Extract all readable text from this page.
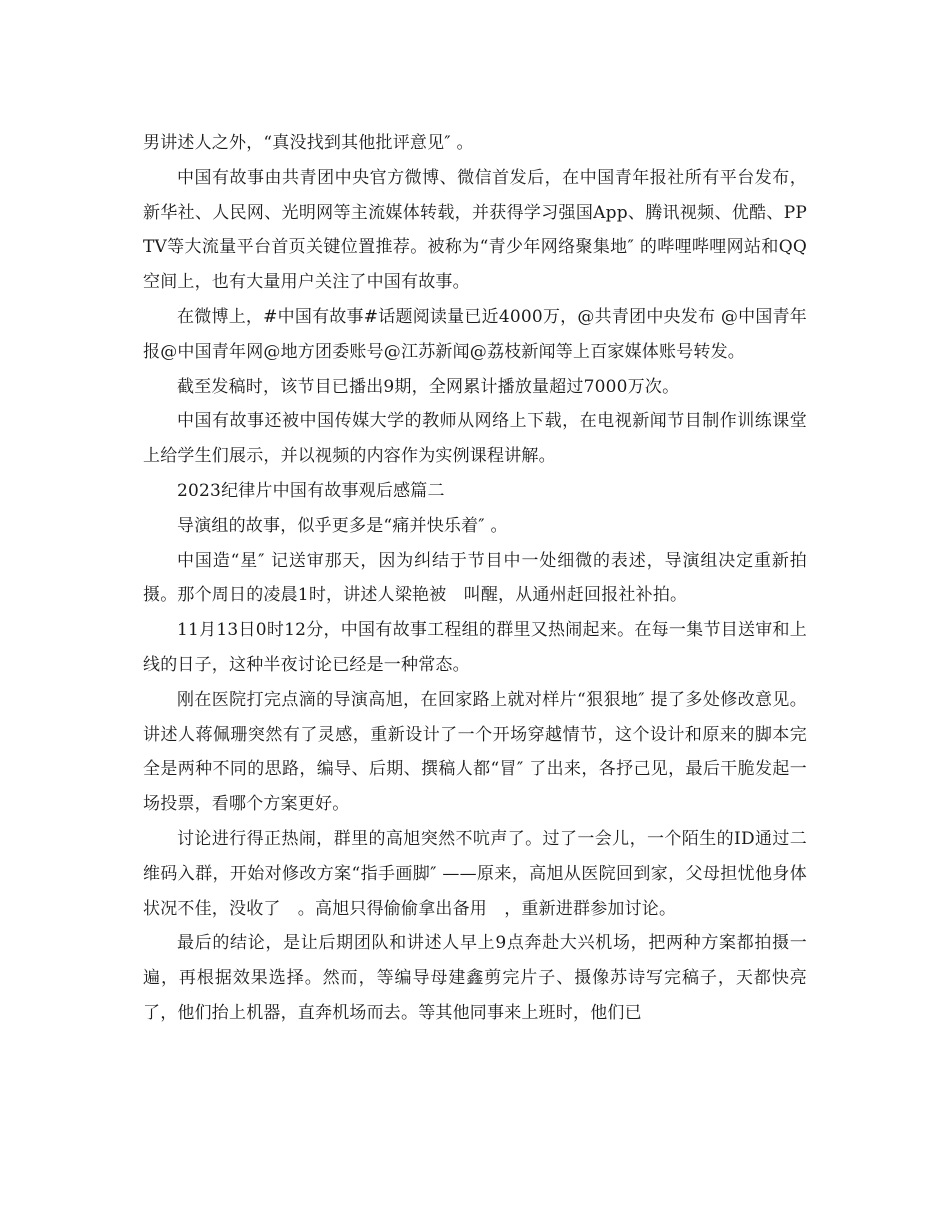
男讲述人之外，“真没找到其他批评意见″ 。

中国有故事由共青团中央官方微博、微信首发后，在中国青年报社所有平台发布，新华社、人民网、光明网等主流媒体转载，并获得学习强国App、腾讯视频、优酷、PPTV等大流量平台首页关键位置推荐。被称为“青少年网络聚集地″ 的哔哩哔哩网站和QQ空间上，也有大量用户关注了中国有故事。

在微博上，#中国有故事#话题阅读量已近4000万，@共青团中央发布 @中国青年报@中国青年网@地方团委账号@江苏新闻@荔枝新闻等上百家媒体账号转发。

截至发稿时，该节目已播出9期，全网累计播放量超过7000万次。

中国有故事还被中国传媒大学的教师从网络上下载，在电视新闻节目制作训练课堂上给学生们展示，并以视频的内容作为实例课程讲解。

2023纪律片中国有故事观后感篇二

导演组的故事，似乎更多是“痛并快乐着″ 。

中国造“星″ 记送审那天，因为纠结于节目中一处细微的表述，导演组决定重新拍摄。那个周日的凌晨1时，讲述人梁艳被　叫醒，从通州赶回报社补拍。

11月13日0时12分，中国有故事工程组的群里又热闹起来。在每一集节目送审和上线的日子，这种半夜讨论已经是一种常态。

刚在医院打完点滴的导演高旭，在回家路上就对样片“狠狠地″ 提了多处修改意见。讲述人蒋佩珊突然有了灵感，重新设计了一个开场穿越情节，这个设计和原来的脚本完全是两种不同的思路，编导、后期、撰稿人都“冒″ 了出来，各抒己见，最后干脆发起一场投票，看哪个方案更好。

讨论进行得正热闹，群里的高旭突然不吭声了。过了一会儿，一个陌生的ID通过二维码入群，开始对修改方案“指手画脚″ ——原来，高旭从医院回到家，父母担忧他身体状况不佳，没收了　。高旭只得偷偷拿出备用　，重新进群参加讨论。

最后的结论，是让后期团队和讲述人早上9点奔赴大兴机场，把两种方案都拍摄一遍，再根据效果选择。然而，等编导母建鑫剪完片子、摄像苏诗写完稿子，天都快亮了，他们抬上机器，直奔机场而去。等其他同事来上班时，他们已
